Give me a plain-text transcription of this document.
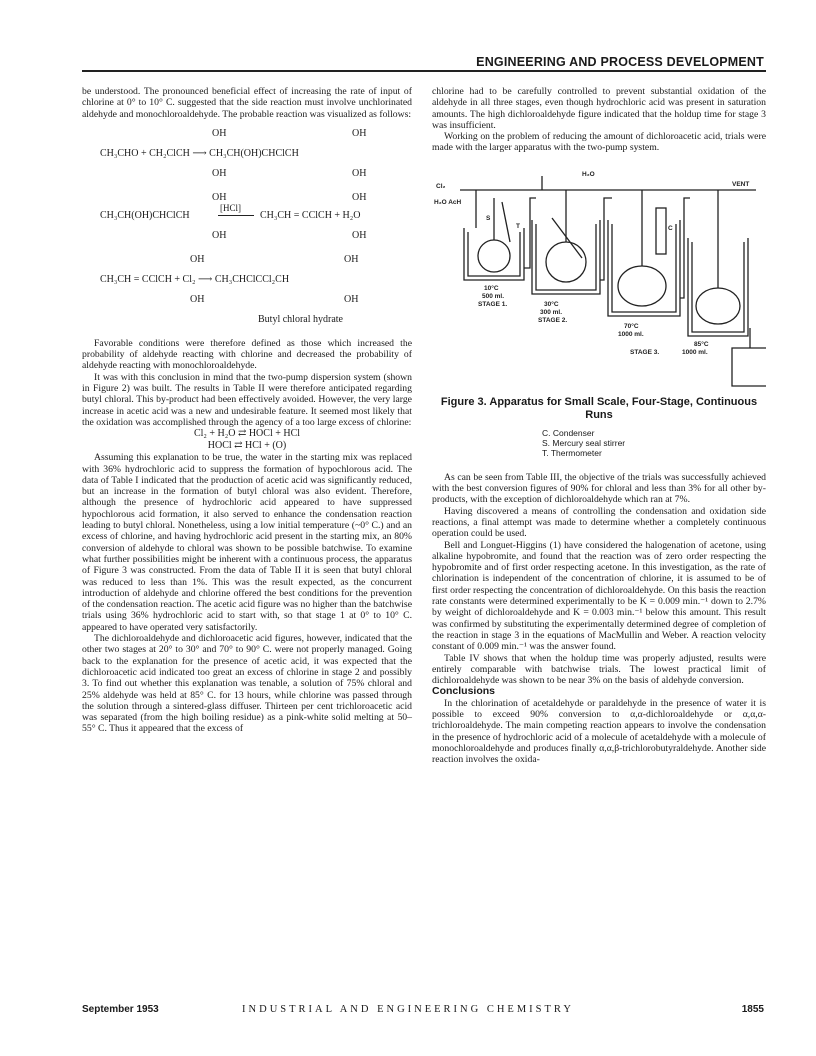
ENGINEERING AND PROCESS DEVELOPMENT

be understood. The pronounced beneficial effect of increasing the rate of input of chlorine at 0° to 10° C. suggested that the side reaction must involve unchlorinated aldehyde and monochloroaldehyde. The probable reaction was visualized as follows:

OH	OH
CH₃CHO + CH₂ClCH ⟶ CH₃CH(OH)CHClCH
OH	OH
OH	OH
CH₃CH(OH)CHClCH
[HCl]
CH₃CH = CClCH + H₂O
OH	OH
OH	OH
CH₃CH = CClCH + Cl₂ ⟶ CH₃CHClCCl₂CH
OH	OH
Butyl chloral hydrate

Favorable conditions were therefore defined as those which increased the probability of aldehyde reacting with chlorine and decreased the probability of aldehyde reacting with monochloroaldehyde.

It was with this conclusion in mind that the two-pump dispersion system (shown in Figure 2) was built. The results in Table II were therefore anticipated regarding butyl chloral. This by-product had been effectively avoided. However, the very large increase in acetic acid was a new and undesirable feature. It seemed most likely that the oxidation was accomplished through the agency of a too large excess of chlorine:

Cl₂ + H₂O ⇄ HOCl + HCl

HOCl ⇄ HCl + (O)

Assuming this explanation to be true, the water in the starting mix was replaced with 36% hydrochloric acid to suppress the formation of hypochlorous acid. The data of Table I indicated that the production of acetic acid was significantly reduced, but an increase in the formation of butyl chloral was also evident. Therefore, although the presence of hydrochloric acid appeared to have suppressed hypochlorous acid formation, it also served to enhance the condensation reaction leading to butyl chloral. Nonetheless, using a low initial temperature (~0° C.) and an excess of chlorine, and having hydrochloric acid present in the starting mix, an 80% conversion of aldehyde to chloral was shown to be possible batchwise. To examine what further possibilities might be inherent with a continuous process, the apparatus of Figure 3 was constructed. From the data of Table II it is seen that butyl chloral was reduced to less than 1%. This was the result expected, as the concurrent introduction of aldehyde and chlorine offered the best conditions for the prevention of the condensation reaction. The acetic acid figure was no higher than the batchwise trials using 36% hydrochloric acid to start with, so that stage 1 at 0° to 10° C. appeared to have operated very satisfactorily.

The dichloroaldehyde and dichloroacetic acid figures, however, indicated that the other two stages at 20° to 30° and 70° to 90° C. were not properly managed. Going back to the explanation for the presence of acetic acid, it was expected that the dichloroacetic acid indicated too great an excess of chlorine in stage 2 and possibly 3. To find out whether this explanation was tenable, a solution of 75% chloral and 25% aldehyde was held at 85° C. for 13 hours, while chlorine was passed through the solution through a sintered-glass diffuser. Thirteen per cent trichloroacetic acid was separated (from the high boiling residue) as a pink-white solid melting at 50–55° C. Thus it appeared that the excess of

chlorine had to be carefully controlled to prevent substantial oxidation of the aldehyde in all three stages, even though hydrochloric acid was present in saturation amounts. The high dichloroaldehyde figure indicated that the holdup time for stage 3 was insufficient.

Working on the problem of reducing the amount of dichloroacetic acid, trials were made with the larger apparatus with the two-pump system.

Cl₂
H₂O AcH
H₂O
VENT
S
T	C
10°C
500 ml.
STAGE 1.	30°C
300 ml.
STAGE 2.
70°C
1000 ml.
STAGE 3.
85°C
1000 ml.
Figure 3. Apparatus for Small Scale, Four-Stage, Continuous Runs
C. Condenser
S. Mercury seal stirrer
T. Thermometer

As can be seen from Table III, the objective of the trials was successfully achieved with the best conversion figures of 90% for chloral and less than 3% for all other by-products, with the exception of dichloroaldehyde which ran at 7%.

Having discovered a means of controlling the condensation and oxidation side reactions, a final attempt was made to determine whether a completely continuous operation could be used.

Bell and Longuet-Higgins (1) have considered the halogenation of acetone, using alkaline hypobromite, and found that the reaction was of zero order respecting the hypobromite and of first order respecting acetone. In this investigation, as the rate of chlorination is independent of the concentration of chlorine, it is assumed to be of first order respecting the concentration of dichloroaldehyde. On this basis the reaction rate constants were determined experimentally to be K = 0.009 min.⁻¹ down to 2.7% by weight of dichloroaldehyde and K = 0.003 min.⁻¹ below this amount. This result was confirmed by substituting the experimentally determined degree of completion of the reaction in stage 3 in the equations of MacMullin and Weber. A reaction velocity constant of 0.009 min.⁻¹ was the answer found.

Table IV shows that when the holdup time was properly adjusted, results were entirely comparable with batchwise trials. The lowest practical limit of dichloroaldehyde was shown to be near 3% on the basis of aldehyde conversion.

Conclusions

In the chlorination of acetaldehyde or paraldehyde in the presence of water it is possible to exceed 90% conversion to α,α-dichloroaldehyde or α,α,α-trichloroaldehyde. The main competing reaction appears to involve the condensation in the presence of hydrochloric acid of a molecule of acetaldehyde with a molecule of monochloroaldehyde and produces finally α,α,β-trichlorobutyraldehyde. Another side reaction involves the oxida-

September 1953	INDUSTRIAL AND ENGINEERING CHEMISTRY	1855
